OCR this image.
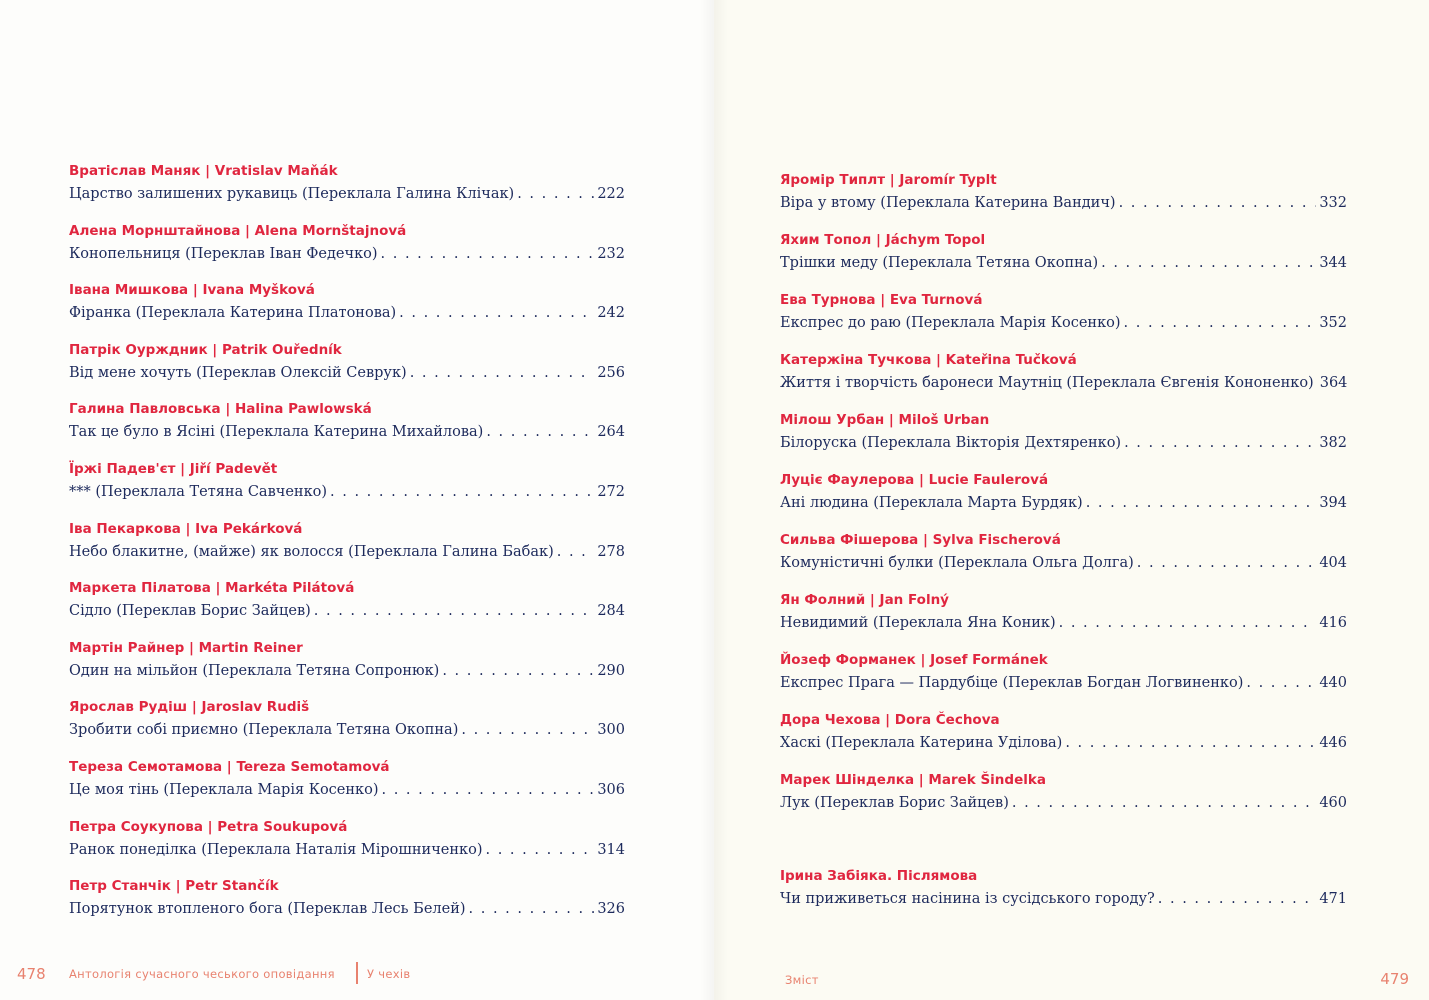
Вратіслав Маняк | Vratislav Maňák
Царство залишених рукавиць (Переклала Галина Клічак) . . .	222
Алена Морнштайнова | Alena Mornštajnová
Конопельниця (Переклав Іван Федечко) . . .	232
Івана Мишкова | Ivana Myšková
Фіранка (Переклала Катерина Платонова) . . .	242
Патрік Оурждник | Patrik Ouředník
Від мене хочуть (Переклав Олексій Севрук) . . .	256
Галина Павловська | Halina Pawlowská
Так це було в Ясіні (Переклала Катерина Михайлова) . . .	264
Їржі Падев'єт | Jiří Padevět
*** (Переклала Тетяна Савченко) . . .	272
Іва Пекаркова | Iva Pekárková
Небо блакитне, (майже) як волосся (Переклала Галина Бабак) . . .	278
Маркета Пілатова | Markéta Pilátová
Сідло (Переклав Борис Зайцев) . . .	284
Мартін Райнер | Martin Reiner
Один на мільйон (Переклала Тетяна Сопронюк) . . .	290
Ярослав Рудіш | Jaroslav Rudiš
Зробити собі приємно (Переклала Тетяна Окопна) . . .	300
Тереза Семотамова | Tereza Semotamová
Це моя тінь (Переклала Марія Косенко) . . .	306
Петра Соукупова | Petra Soukupová
Ранок понеділка (Переклала Наталія Мірошниченко) . . .	314
Петр Станчік | Petr Stančík
Порятунок втопленого бога (Переклав Лесь Белей) . . .	326
478 Антологія сучасного чеського оповідання	У чехів
Яромір Типлт | Jaromír Typlt
Віра у втому (Переклала Катерина Вандич) . . .	332
Яхим Топол | Jáchym Topol
Трішки меду (Переклала Тетяна Окопна) . . .	344
Ева Турнова | Eva Turnová
Експрес до раю (Переклала Марія Косенко) . . .	352
Катержіна Тучкова | Kateřina Tučková
Життя і творчість баронеси Маутніц (Переклала Євгенія Кононенко) 364
Мілош Урбан | Miloš Urban
Білоруска (Переклала Вікторія Дехтяренко) . . .	382
Луціє Фаулерова | Lucie Faulerová
Ані людина (Переклала Марта Бурдяк) . . .	394
Сильва Фішерова | Sylva Fischerová
Комуністичні булки (Переклала Ольга Долга) . . .	404
Ян Фолний | Jan Folný
Невидимий (Переклала Яна Коник) . . .	416
Йозеф Форманек | Josef Formánek
Експрес Прага — Пардубіце (Переклав Богдан Логвиненко) . . .	440
Дора Чехова | Dora Čechova
Хаскі (Переклала Катерина Уділова) . . .	446
Марек Шінделка | Marek Šindelka
Лук (Переклав Борис Зайцев) . . .	460
Ірина Забіяка. Післямова
Чи приживеться насінина із сусідського городу? . . .	471
Зміст	479
